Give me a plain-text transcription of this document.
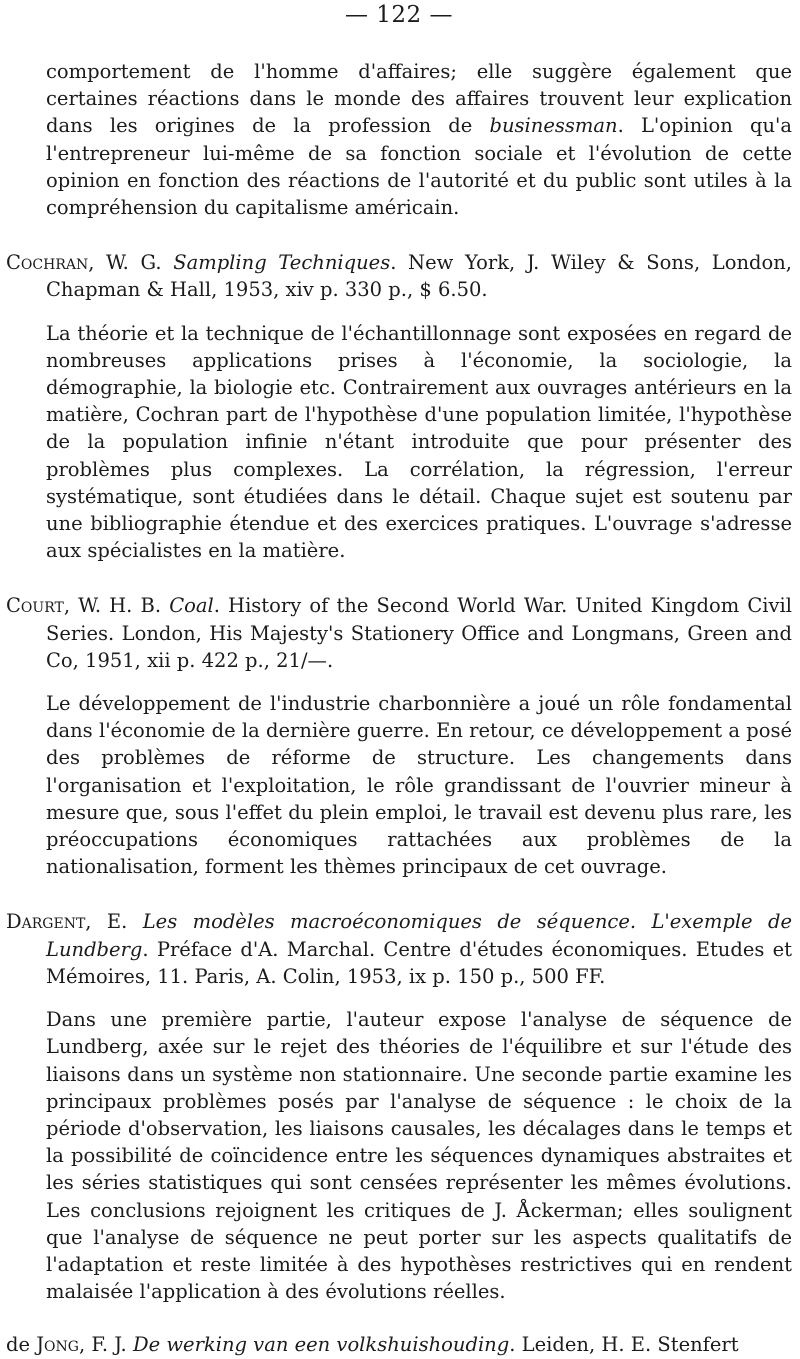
— 122 —

comportement de l'homme d'affaires; elle suggère également que certaines réactions dans le monde des affaires trouvent leur explication dans les origines de la profession de businessman. L'opinion qu'a l'entrepreneur lui-même de sa fonction sociale et l'évolution de cette opinion en fonction des réactions de l'autorité et du public sont utiles à la compréhension du capitalisme américain.

Cochran, W. G. Sampling Techniques. New York, J. Wiley & Sons, London, Chapman & Hall, 1953, xiv p. 330 p., $ 6.50.

La théorie et la technique de l'échantillonnage sont exposées en regard de nombreuses applications prises à l'économie, la sociologie, la démographie, la biologie etc. Contrairement aux ouvrages antérieurs en la matière, Cochran part de l'hypothèse d'une population limitée, l'hypothèse de la population infinie n'étant introduite que pour présenter des problèmes plus complexes. La corrélation, la régression, l'erreur systématique, sont étudiées dans le détail. Chaque sujet est soutenu par une bibliographie étendue et des exercices pratiques. L'ouvrage s'adresse aux spécialistes en la matière.

Court, W. H. B. Coal. History of the Second World War. United Kingdom Civil Series. London, His Majesty's Stationery Office and Longmans, Green and Co, 1951, xii p. 422 p., 21/—.

Le développement de l'industrie charbonnière a joué un rôle fondamental dans l'économie de la dernière guerre. En retour, ce développement a posé des problèmes de réforme de structure. Les changements dans l'organisation et l'exploitation, le rôle grandissant de l'ouvrier mineur à mesure que, sous l'effet du plein emploi, le travail est devenu plus rare, les préoccupations économiques rattachées aux problèmes de la nationalisation, forment les thèmes principaux de cet ouvrage.

Dargent, E. Les modèles macroéconomiques de séquence. L'exemple de Lundberg. Préface d'A. Marchal. Centre d'études économiques. Etudes et Mémoires, 11. Paris, A. Colin, 1953, ix p. 150 p., 500 FF.

Dans une première partie, l'auteur expose l'analyse de séquence de Lundberg, axée sur le rejet des théories de l'équilibre et sur l'étude des liaisons dans un système non stationnaire. Une seconde partie examine les principaux problèmes posés par l'analyse de séquence : le choix de la période d'observation, les liaisons causales, les décalages dans le temps et la possibilité de coïncidence entre les séquences dynamiques abstraites et les séries statistiques qui sont censées représenter les mêmes évolutions. Les conclusions rejoignent les critiques de J. Åckerman; elles soulignent que l'analyse de séquence ne peut porter sur les aspects qualitatifs de l'adaptation et reste limitée à des hypothèses restrictives qui en rendent malaisée l'application à des évolutions réelles.

de Jong, F. J. De werking van een volkshuishouding. Leiden, H. E. Stenfert
